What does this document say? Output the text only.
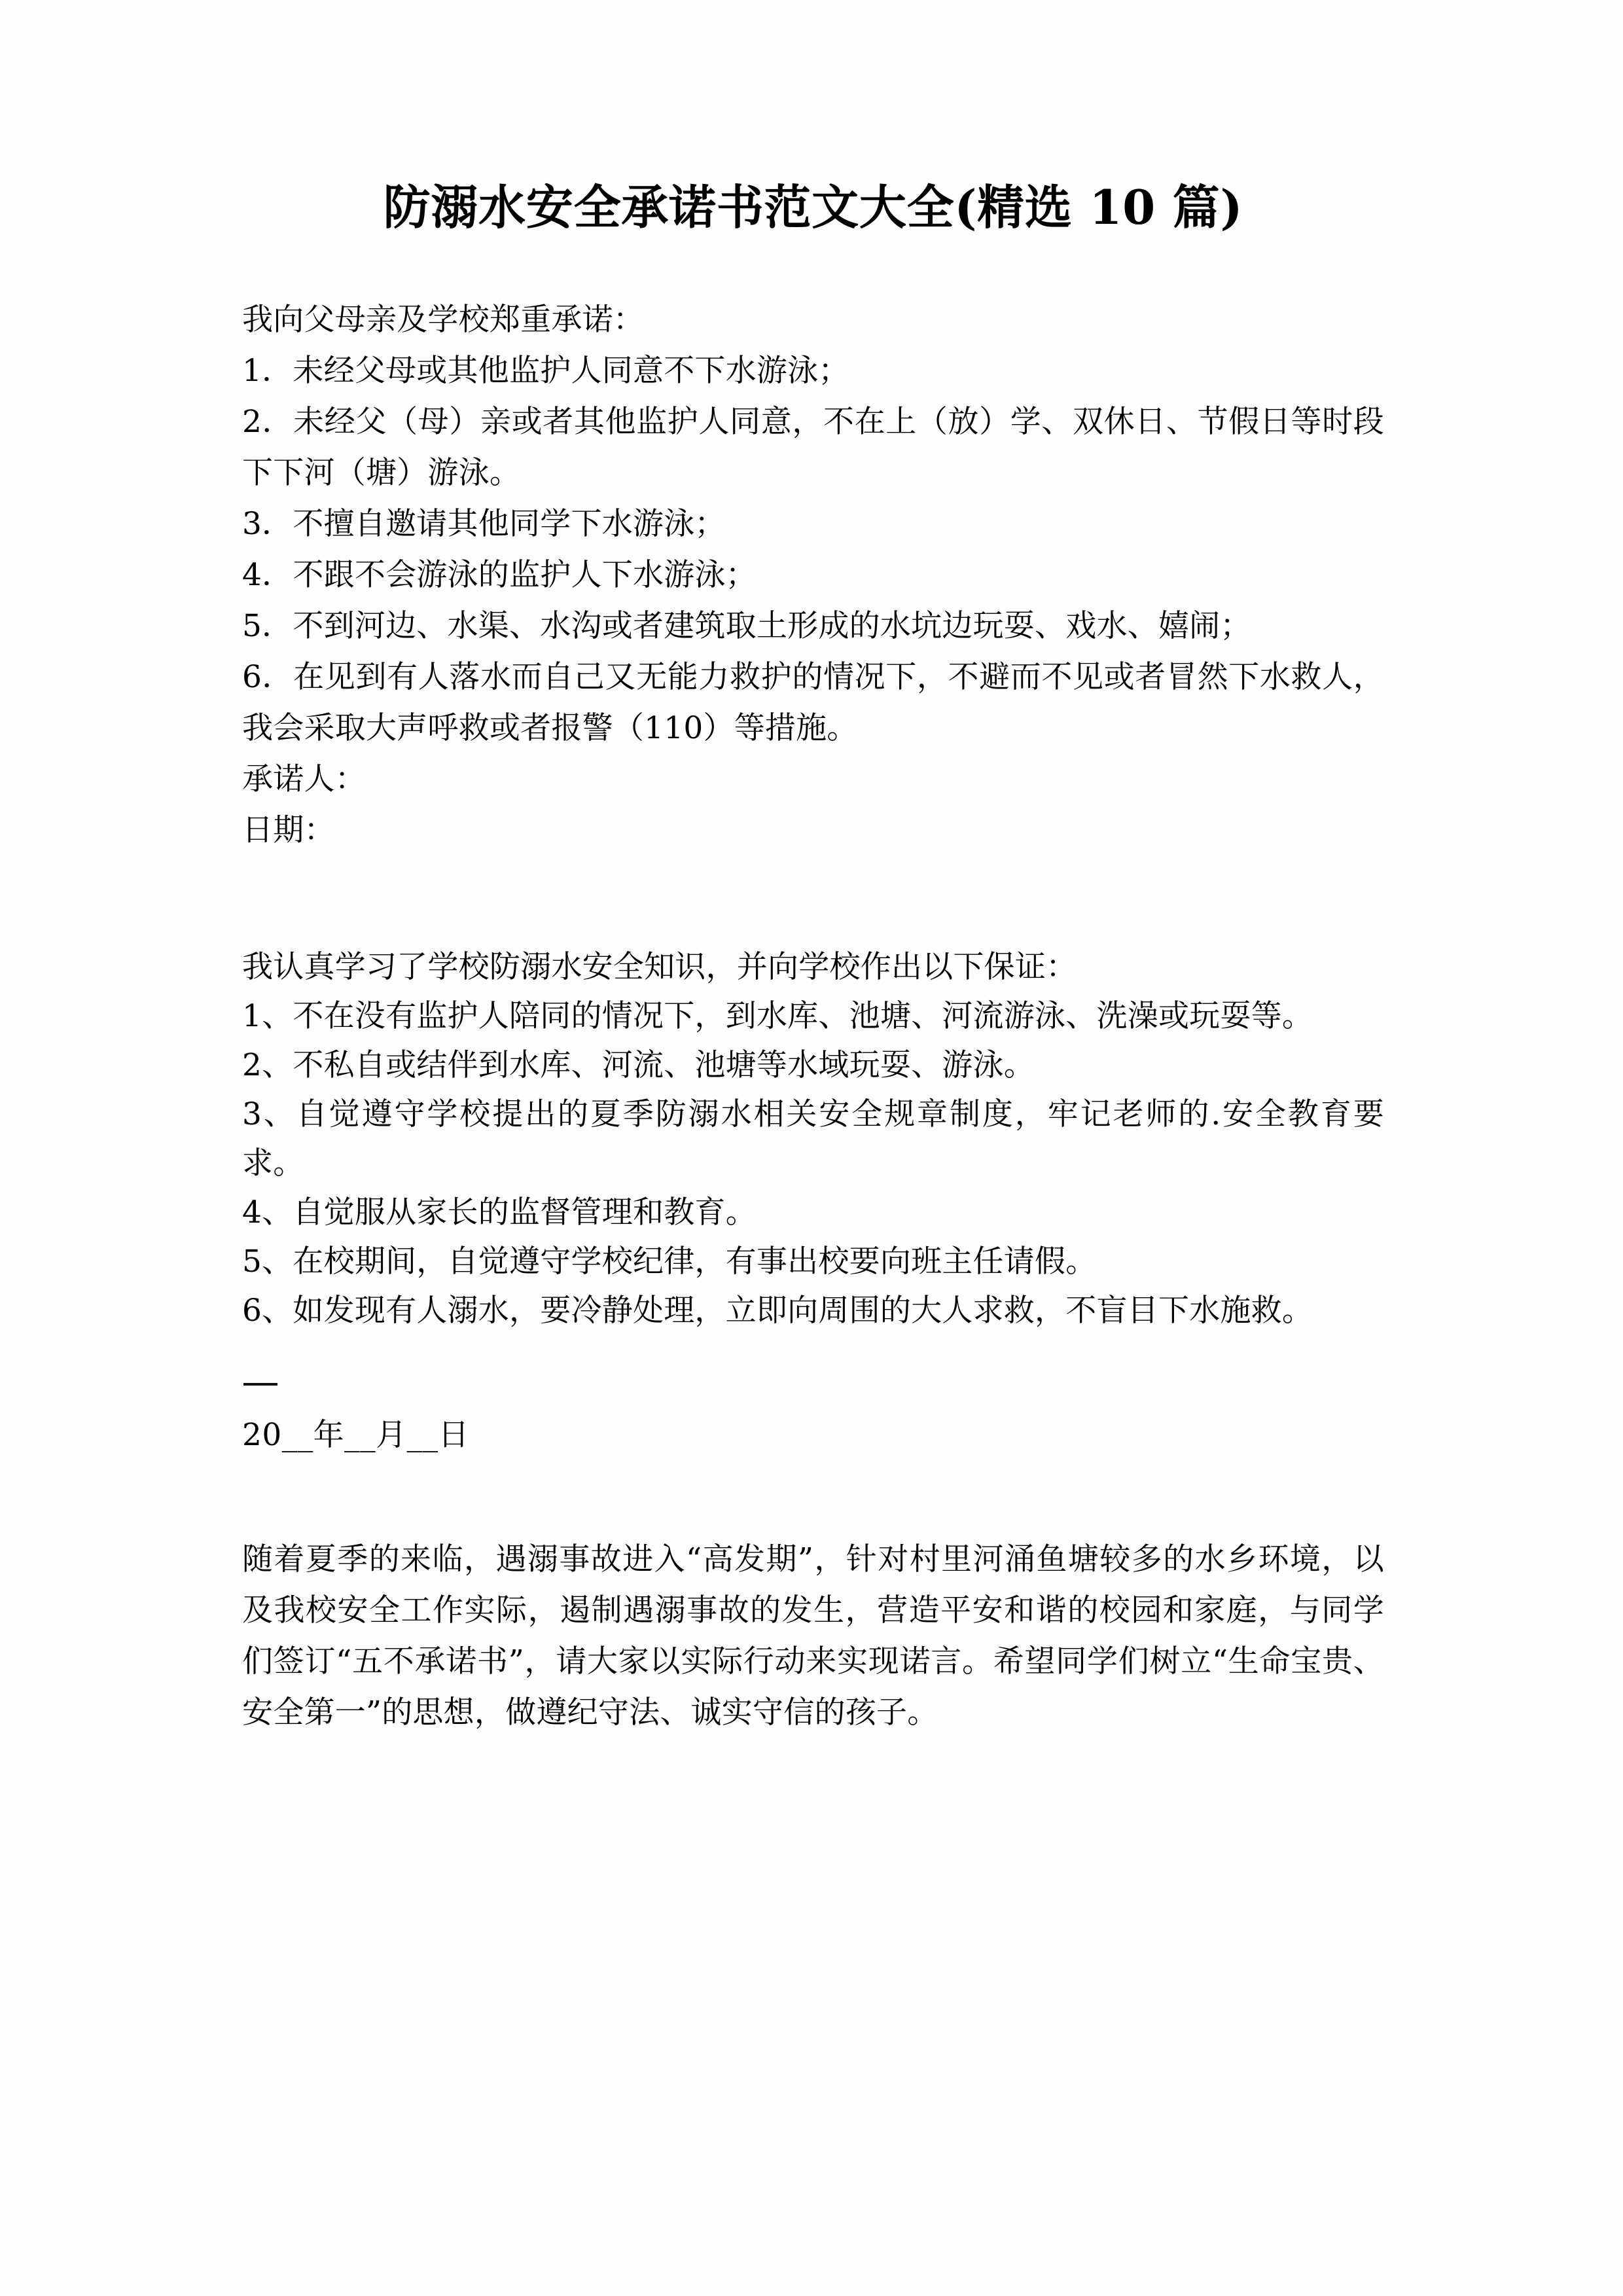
防溺水安全承诺书范文大全(精选 10 篇)

我向父母亲及学校郑重承诺：

1．未经父母或其他监护人同意不下水游泳；

2．未经父（母）亲或者其他监护人同意，不在上（放）学、双休日、节假日等时段下下河（塘）游泳。

3．不擅自邀请其他同学下水游泳；

4．不跟不会游泳的监护人下水游泳；

5．不到河边、水渠、水沟或者建筑取土形成的水坑边玩耍、戏水、嬉闹；

6．在见到有人落水而自己又无能力救护的情况下，不避而不见或者冒然下水救人，我会采取大声呼救或者报警（110）等措施。

承诺人：

日期：

我认真学习了学校防溺水安全知识，并向学校作出以下保证：

1、不在没有监护人陪同的情况下，到水库、池塘、河流游泳、洗澡或玩耍等。

2、不私自或结伴到水库、河流、池塘等水域玩耍、游泳。

3、自觉遵守学校提出的夏季防溺水相关安全规章制度，牢记老师的.安全教育要求。

4、自觉服从家长的监督管理和教育。

5、在校期间，自觉遵守学校纪律，有事出校要向班主任请假。

6、如发现有人溺水，要冷静处理，立即向周围的大人求救，不盲目下水施救。

20__年__月__日

随着夏季的来临，遇溺事故进入“高发期”，针对村里河涌鱼塘较多的水乡环境，以及我校安全工作实际，遏制遇溺事故的发生，营造平安和谐的校园和家庭，与同学们签订“五不承诺书”，请大家以实际行动来实现诺言。希望同学们树立“生命宝贵、安全第一”的思想，做遵纪守法、诚实守信的孩子。
